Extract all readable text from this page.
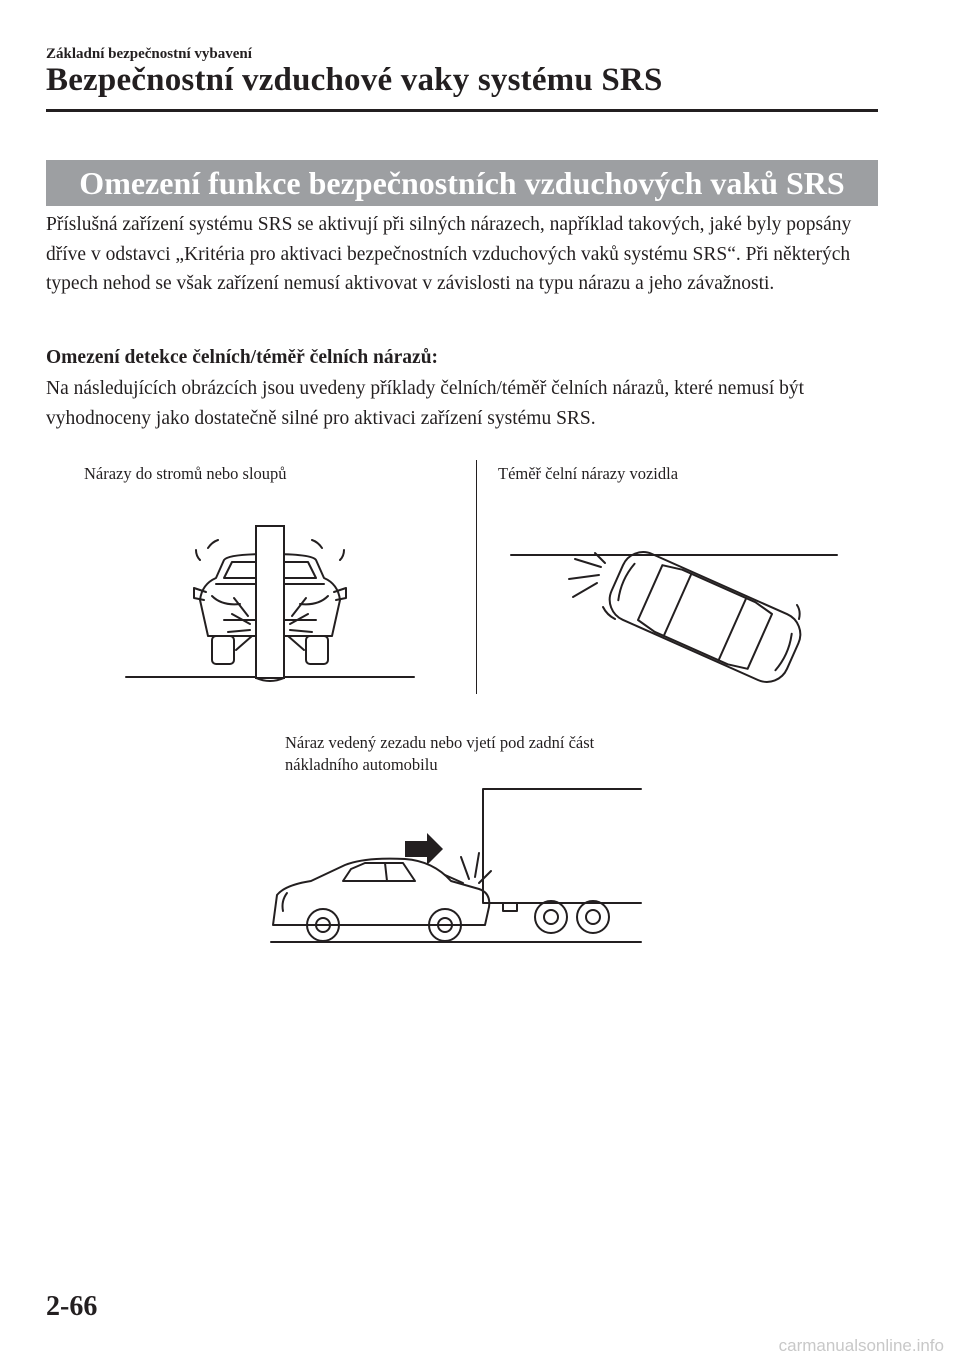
Základní bezpečnostní vybavení
Bezpečnostní vzduchové vaky systému SRS
Omezení funkce bezpečnostních vzduchových vaků SRS

Příslušná zařízení systému SRS se aktivují při silných nárazech, například takových, jaké byly popsány dříve v odstavci „Kritéria pro aktivaci bezpečnostních vzduchových vaků systému SRS“. Při některých typech nehod se však zařízení nemusí aktivovat v závislosti na typu nárazu a jeho závažnosti.

Omezení detekce čelních/téměř čelních nárazů:

Na následujících obrázcích jsou uvedeny příklady čelních/téměř čelních nárazů, které nemusí být vyhodnoceny jako dostatečně silné pro aktivaci zařízení systému SRS.

Nárazy do stromů nebo sloupů	Téměř čelní nárazy vozidla
Náraz vedený zezadu nebo vjetí pod zadní část nákladního automobilu
2-66
carmanualsonline.info
